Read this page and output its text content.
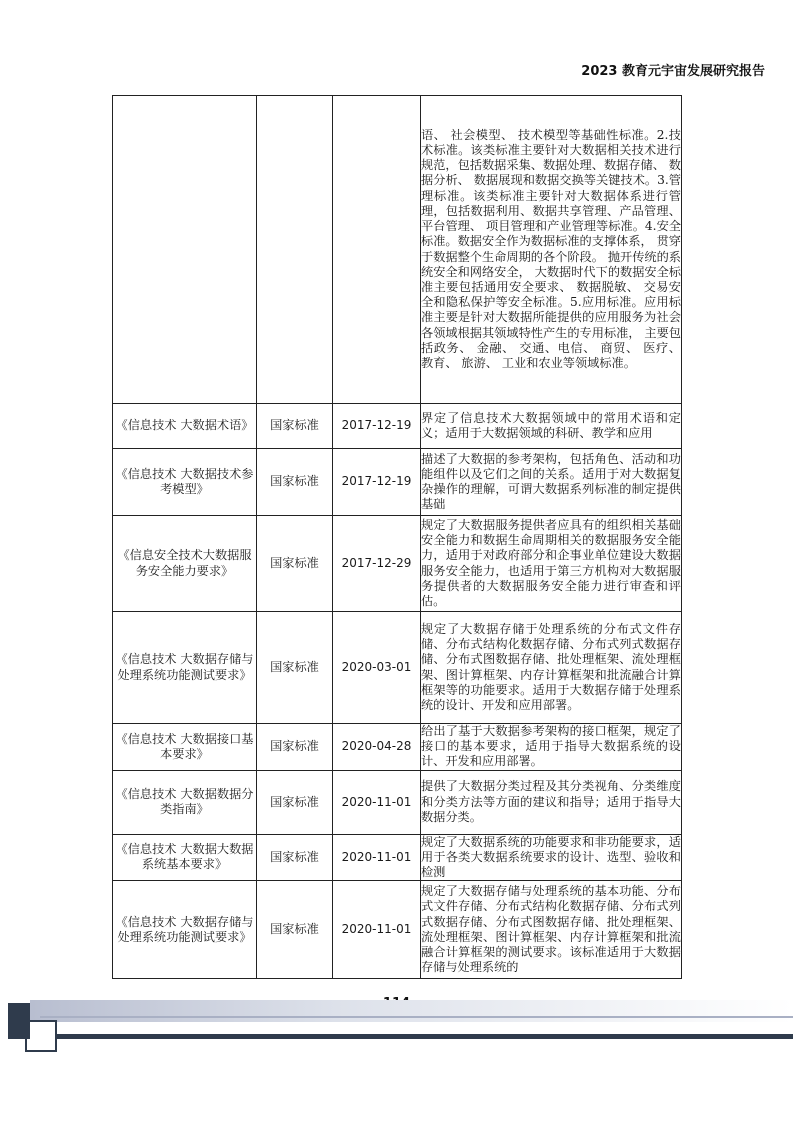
2023 教育元宇宙发展研究报告
			语、 社会模型、 技术模型等基础性标准。2.技术标准。该类标准主要针对大数据相关技术进行规范，包括数据采集、数据处理、数据存储、 数据分析、 数据展现和数据交换等关键技术。3.管理标准。该类标准主要针对大数据体系进行管理，包括数据利用、数据共享管理、产品管理、 平台管理、 项目管理和产业管理等标准。4.安全标准。数据安全作为数据标准的支撑体系， 贯穿于数据整个生命周期的各个阶段。 抛开传统的系统安全和网络安全， 大数据时代下的数据安全标准主要包括通用安全要求、 数据脱敏、 交易安全和隐私保护等安全标准。5.应用标准。应用标准主要是针对大数据所能提供的应用服务为社会各领域根据其领域特性产生的专用标准， 主要包括政务、 金融、 交通、电信、 商贸、 医疗、 教育、 旅游、 工业和农业等领域标准。
《信息技术 大数据术语》	国家标准	2017-12-19	界定了信息技术大数据领域中的常用术语和定义；适用于大数据领域的科研、教学和应用
《信息技术 大数据技术参考模型》	国家标准	2017-12-19	描述了大数据的参考架构，包括角色、活动和功能组件以及它们之间的关系。适用于对大数据复杂操作的理解，可谓大数据系列标准的制定提供基础
《信息安全技术大数据服务安全能力要求》	国家标准	2017-12-29	规定了大数据服务提供者应具有的组织相关基础安全能力和数据生命周期相关的数据服务安全能力，适用于对政府部分和企事业单位建设大数据服务安全能力，也适用于第三方机构对大数据服务提供者的大数据服务安全能力进行审查和评估。
《信息技术 大数据存储与处理系统功能测试要求》	国家标准	2020-03-01	规定了大数据存储于处理系统的分布式文件存储、分布式结构化数据存储、分布式列式数据存储、分布式图数据存储、批处理框架、流处理框架、图计算框架、内存计算框架和批流融合计算框架等的功能要求。适用于大数据存储于处理系统的设计、开发和应用部署。
《信息技术 大数据接口基本要求》	国家标准	2020-04-28	给出了基于大数据参考架构的接口框架，规定了接口的基本要求，适用于指导大数据系统的设计、开发和应用部署。
《信息技术 大数据数据分类指南》	国家标准	2020-11-01	提供了大数据分类过程及其分类视角、分类维度和分类方法等方面的建议和指导；适用于指导大数据分类。
《信息技术 大数据大数据系统基本要求》	国家标准	2020-11-01	规定了大数据系统的功能要求和非功能要求，适用于各类大数据系统要求的设计、选型、验收和检测
《信息技术 大数据存储与处理系统功能测试要求》	国家标准	2020-11-01	规定了大数据存储与处理系统的基本功能、分布式文件存储、分布式结构化数据存储、分布式列式数据存储、分布式图数据存储、批处理框架、流处理框架、图计算框架、内存计算框架和批流融合计算框架的测试要求。该标准适用于大数据存储与处理系统的
